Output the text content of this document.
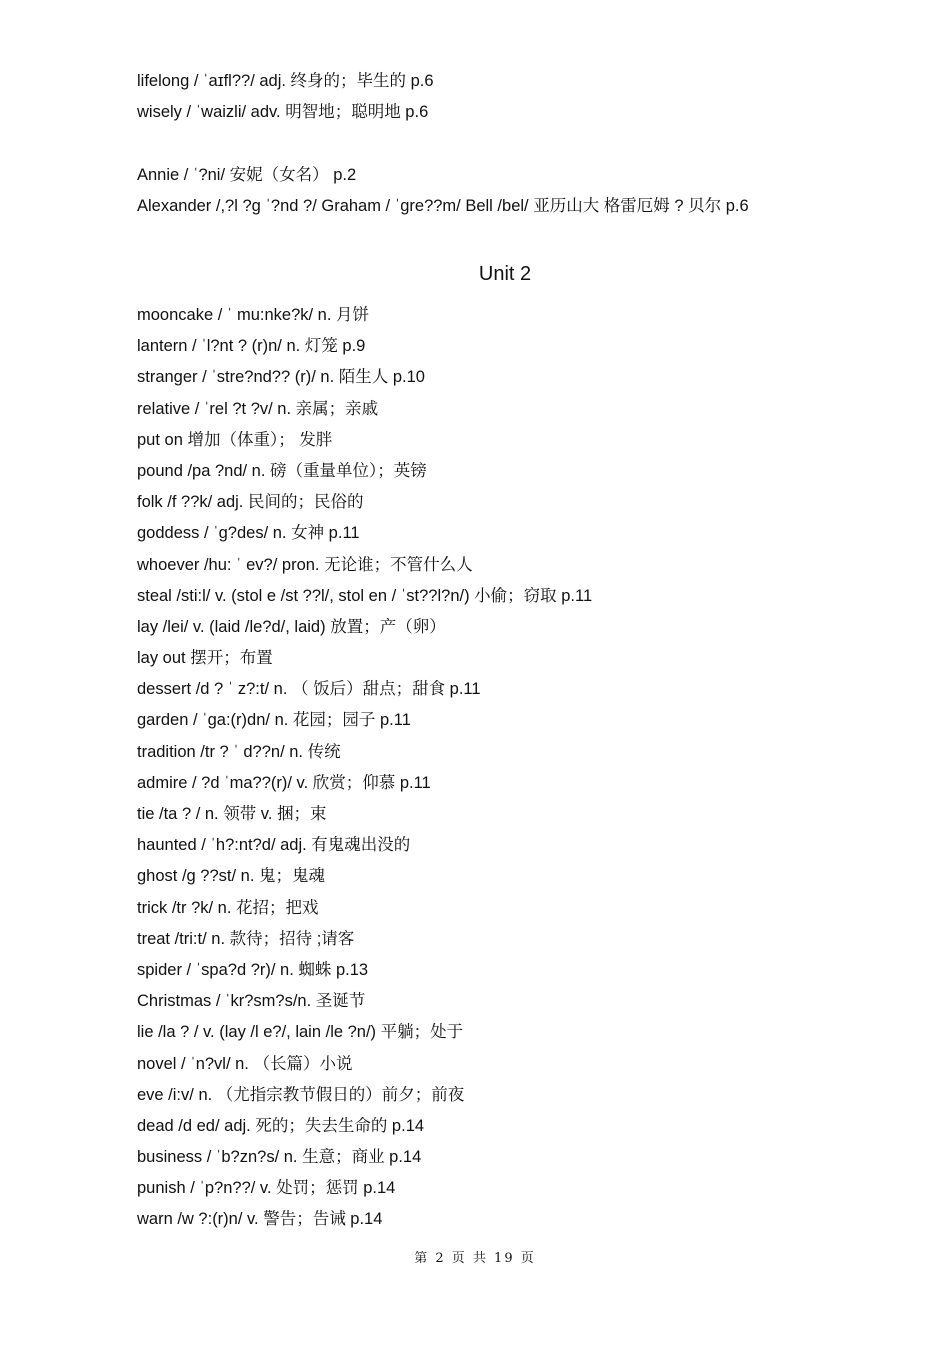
lifelong / ˈaɪfl??/ adj. 终身的；毕生的 p.6
wisely / ˈwaizli/ adv. 明智地；聪明地 p.6
Annie / ˈ?ni/ 安妮（女名） p.2
Alexander /,?l ?g ˈ?nd ?/ Graham / ˈgre??m/ Bell /bel/ 亚历山大 格雷厄姆 ? 贝尔 p.6
Unit 2
mooncake / ˈ mu:nke?k/ n. 月饼
lantern / ˈl?nt ? (r)n/ n. 灯笼 p.9
stranger / ˈstre?nd?? (r)/ n. 陌生人 p.10
relative / ˈrel ?t ?v/ n. 亲属；亲戚
put on 增加（体重）； 发胖
pound /pa ?nd/ n. 磅（重量单位）；英镑
folk /f ??k/ adj. 民间的；民俗的
goddess / ˈg?des/ n. 女神 p.11
whoever /hu: ˈ ev?/ pron. 无论谁；不管什么人
steal /sti:l/ v. (stol e /st ??l/, stol en / ˈst??l?n/) 小偷；窃取 p.11
lay /lei/ v. (laid /le?d/, laid) 放置；产（卵）
lay out 摆开；布置
dessert /d ? ˈ z?:t/ n. （ 饭后）甜点；甜食 p.11
garden / ˈga:(r)dn/ n. 花园；园子 p.11
tradition /tr ? ˈ d??n/ n. 传统
admire / ?d ˈma??(r)/ v. 欣赏；仰慕 p.11
tie /ta ? / n. 领带 v. 捆；束
haunted / ˈh?:nt?d/ adj. 有鬼魂出没的
ghost /g ??st/ n. 鬼；鬼魂
trick /tr ?k/ n. 花招；把戏
treat /tri:t/ n. 款待；招待 ;请客
spider / ˈspa?d ?r)/ n. 蜘蛛 p.13
Christmas / ˈkr?sm?s/n. 圣诞节
lie /la ? / v. (lay /l e?/, lain /le ?n/) 平躺；处于
novel / ˈn?vl/ n. （长篇）小说
eve /i:v/ n. （尤指宗教节假日的）前夕；前夜
dead /d ed/ adj. 死的；失去生命的 p.14
business / ˈb?zn?s/ n. 生意；商业 p.14
punish / ˈp?n??/ v. 处罚；惩罚 p.14
warn /w ?:(r)n/ v. 警告；告诫 p.14
第 2 页 共 19 页
